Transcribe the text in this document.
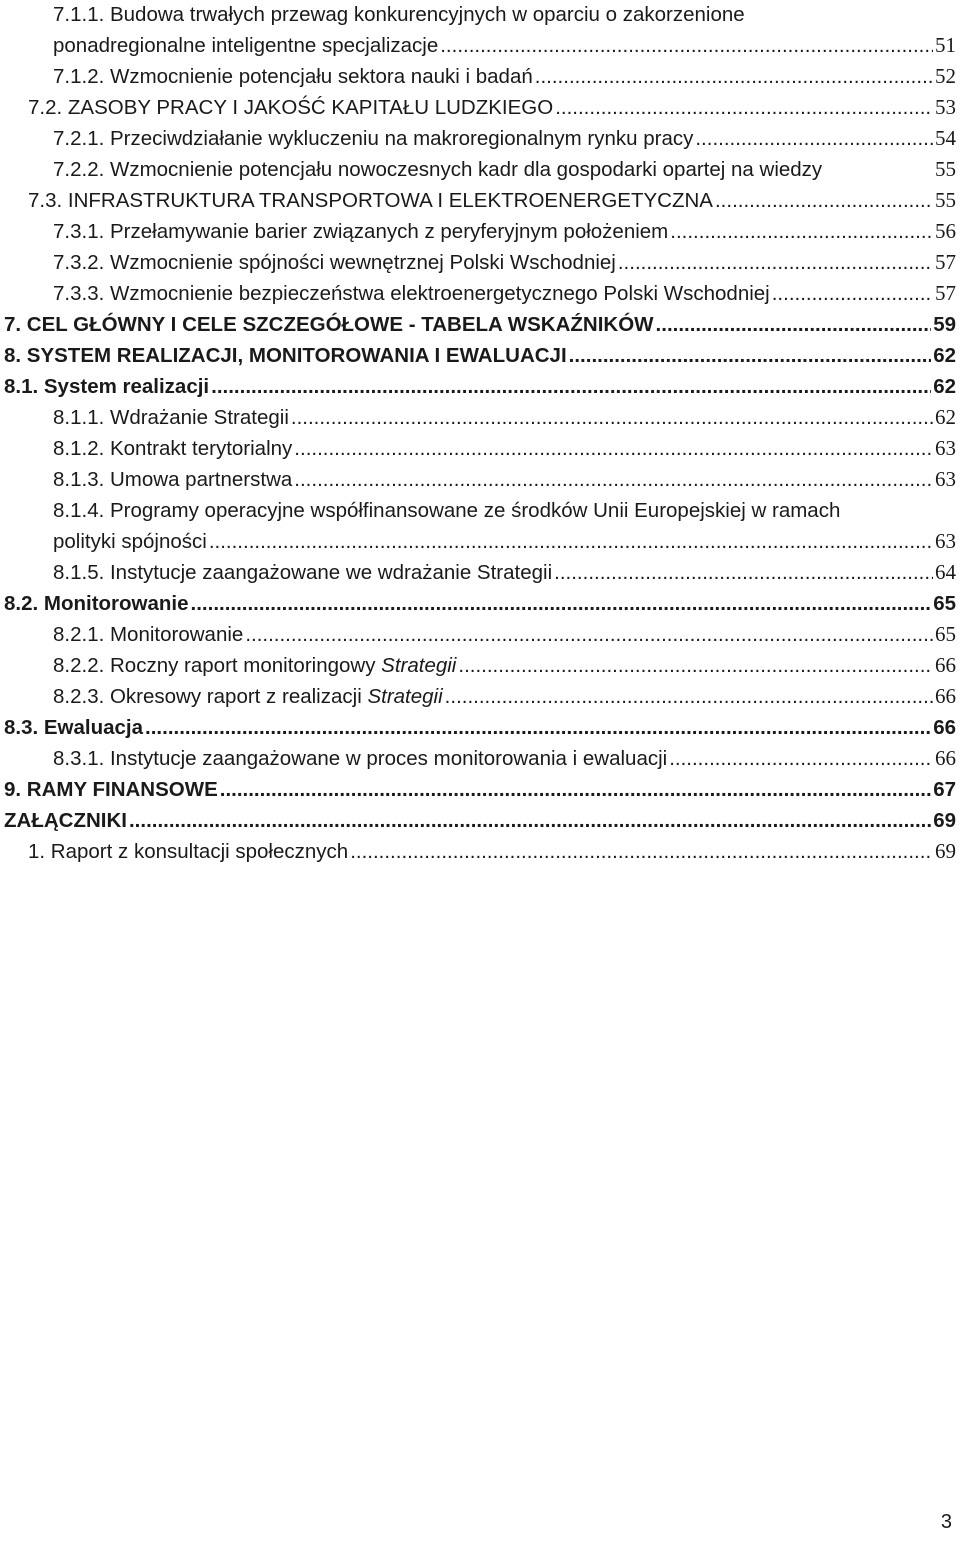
7.1.1. Budowa trwałych przewag konkurencyjnych w oparciu o zakorzenione
ponadregionalne inteligentne specjalizacje .....	51
7.1.2. Wzmocnienie potencjału sektora nauki i badań .....	52
7.2. ZASOBY PRACY I JAKOŚĆ KAPITAŁU LUDZKIEGO .....	53
7.2.1. Przeciwdziałanie wykluczeniu na makroregionalnym rynku pracy .....	54
7.2.2. Wzmocnienie potencjału nowoczesnych kadr dla gospodarki opartej na wiedzy	55
7.3. INFRASTRUKTURA TRANSPORTOWA I ELEKTROENERGETYCZNA .....	55
7.3.1. Przełamywanie barier związanych z peryferyjnym położeniem .....	56
7.3.2. Wzmocnienie spójności wewnętrznej Polski Wschodniej .....	57
7.3.3. Wzmocnienie bezpieczeństwa elektroenergetycznego Polski Wschodniej .....	57
7. CEL GŁÓWNY I CELE SZCZEGÓŁOWE - TABELA WSKAŹNIKÓW .....	59
8. SYSTEM REALIZACJI, MONITOROWANIA I EWALUACJI .....	62
8.1. System realizacji .....	62
8.1.1. Wdrażanie Strategii .....	62
8.1.2. Kontrakt terytorialny .....	63
8.1.3. Umowa partnerstwa .....	63
8.1.4. Programy operacyjne współfinansowane ze środków Unii Europejskiej w ramach
polityki spójności .....	63
8.1.5. Instytucje zaangażowane we wdrażanie Strategii .....	64
8.2. Monitorowanie .....	65
8.2.1. Monitorowanie .....	65
8.2.2. Roczny raport monitoringowy Strategii .....	66
8.2.3. Okresowy raport z realizacji Strategii .....	66
8.3. Ewaluacja .....	66
8.3.1. Instytucje zaangażowane w proces monitorowania i ewaluacji .....	66
9. RAMY FINANSOWE .....	67
ZAŁĄCZNIKI .....	69
1. Raport z konsultacji społecznych .....	69
3
